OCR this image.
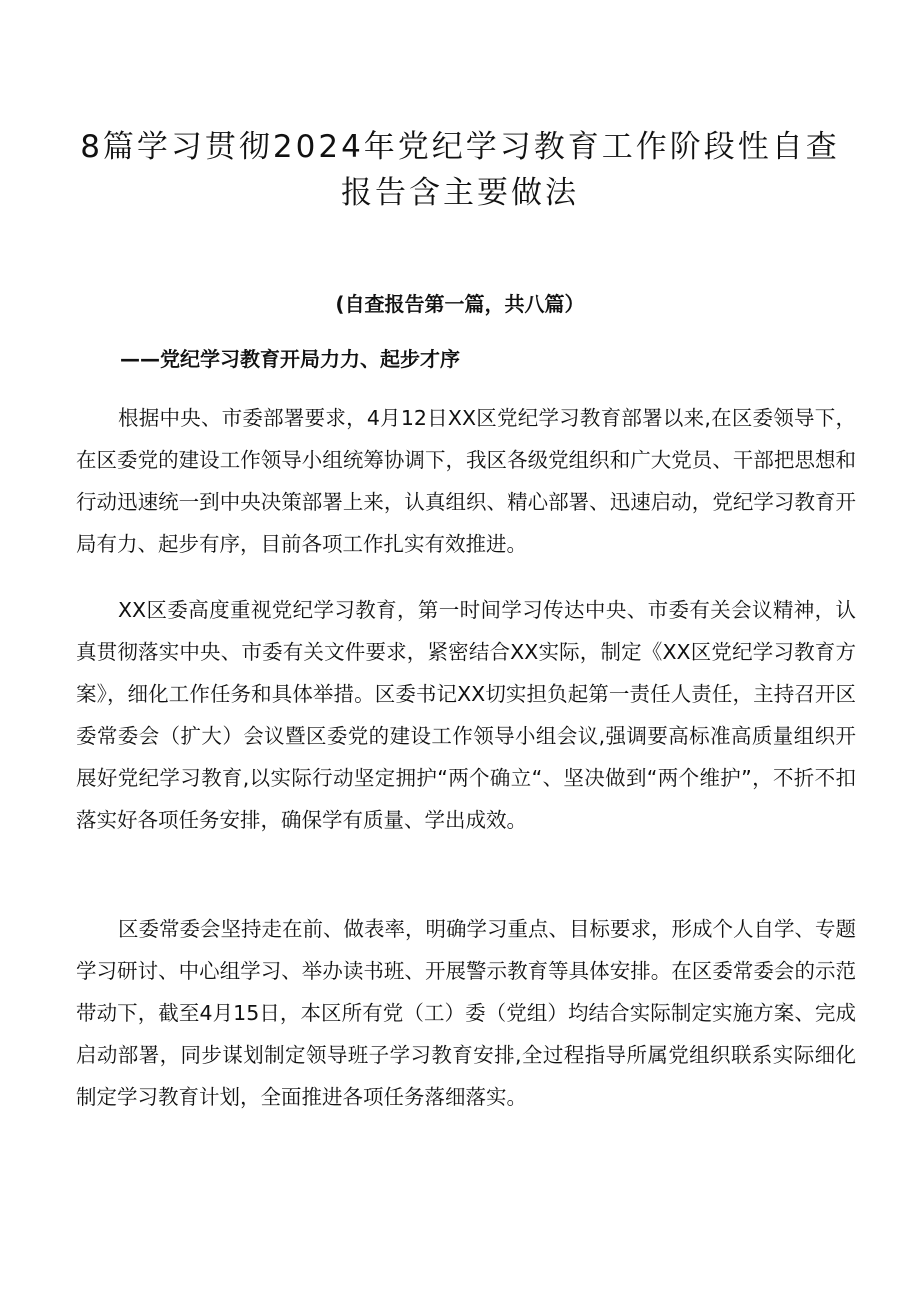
8篇学习贯彻2024年党纪学习教育工作阶段性自查
报告含主要做法
(自查报告第一篇，共八篇）
——党纪学习教育开局力力、起步才序

根据中央、市委部署要求，4月12日XX区党纪学习教育部署以来,在区委领导下，在区委党的建设工作领导小组统筹协调下，我区各级党组织和广大党员、干部把思想和行动迅速统一到中央决策部署上来，认真组织、精心部署、迅速启动，党纪学习教育开局有力、起步有序，目前各项工作扎实有效推进。

XX区委高度重视党纪学习教育，第一时间学习传达中央、市委有关会议精神，认真贯彻落实中央、市委有关文件要求，紧密结合XX实际，制定《XX区党纪学习教育方案》，细化工作任务和具体举措。区委书记XX切实担负起第一责任人责任，主持召开区委常委会（扩大）会议暨区委党的建设工作领导小组会议,强调要高标准高质量组织开展好党纪学习教育,以实际行动坚定拥护“两个确立“、坚决做到“两个维护”，不折不扣落实好各项任务安排，确保学有质量、学出成效。

区委常委会坚持走在前、做表率，明确学习重点、目标要求，形成个人自学、专题学习研讨、中心组学习、举办读书班、开展警示教育等具体安排。在区委常委会的示范带动下，截至4月15日，本区所有党（工）委（党组）均结合实际制定实施方案、完成启动部署，同步谋划制定领导班子学习教育安排,全过程指导所属党组织联系实际细化制定学习教育计划，全面推进各项任务落细落实。
